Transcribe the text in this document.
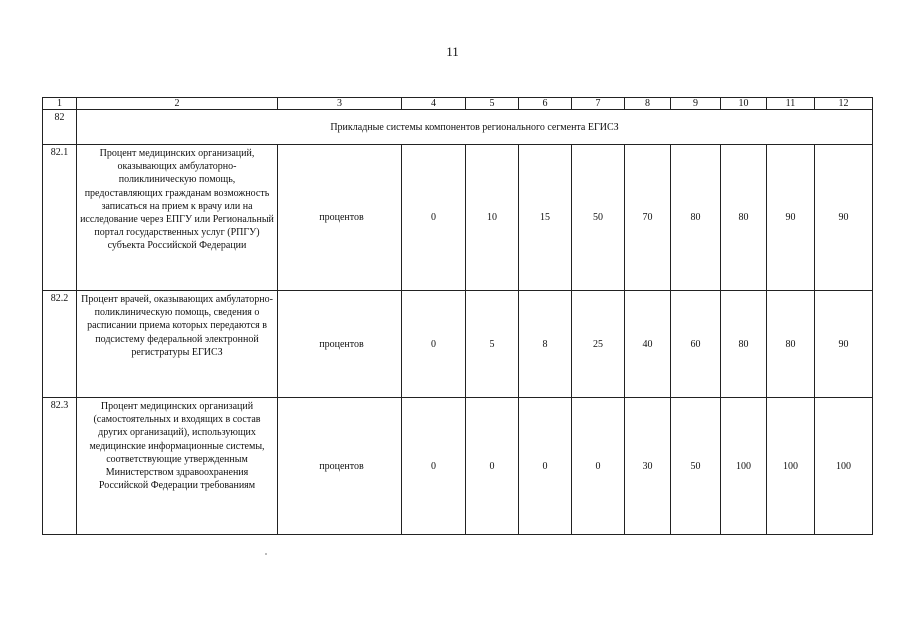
11
1	2	3	4	5	6	7	8	9	10	11	12
82	Прикладные системы компонентов регионального сегмента ЕГИСЗ										
82.1	Процент медицинских организаций, оказывающих амбулаторно-поликлиническую помощь, предоставляющих гражданам возможность записаться на прием к врачу или на исследование через ЕПГУ или Региональный портал государственных услуг (РПГУ) субъекта Российской Федерации	процентов	0	10	15	50	70	80	80	90	90
82.2	Процент врачей, оказывающих амбулаторно-поликлиническую помощь, сведения о расписании приема которых передаются в подсистему федеральной электронной регистратуры ЕГИСЗ	процентов	0	5	8	25	40	60	80	80	90
82.3	Процент медицинских организаций (самостоятельных и входящих в состав других организаций), использующих медицинские информационные системы, соответствующие утвержденным Министерством здравоохранения Российской Федерации требованиям	процентов	0	0	0	0	30	50	100	100	100
